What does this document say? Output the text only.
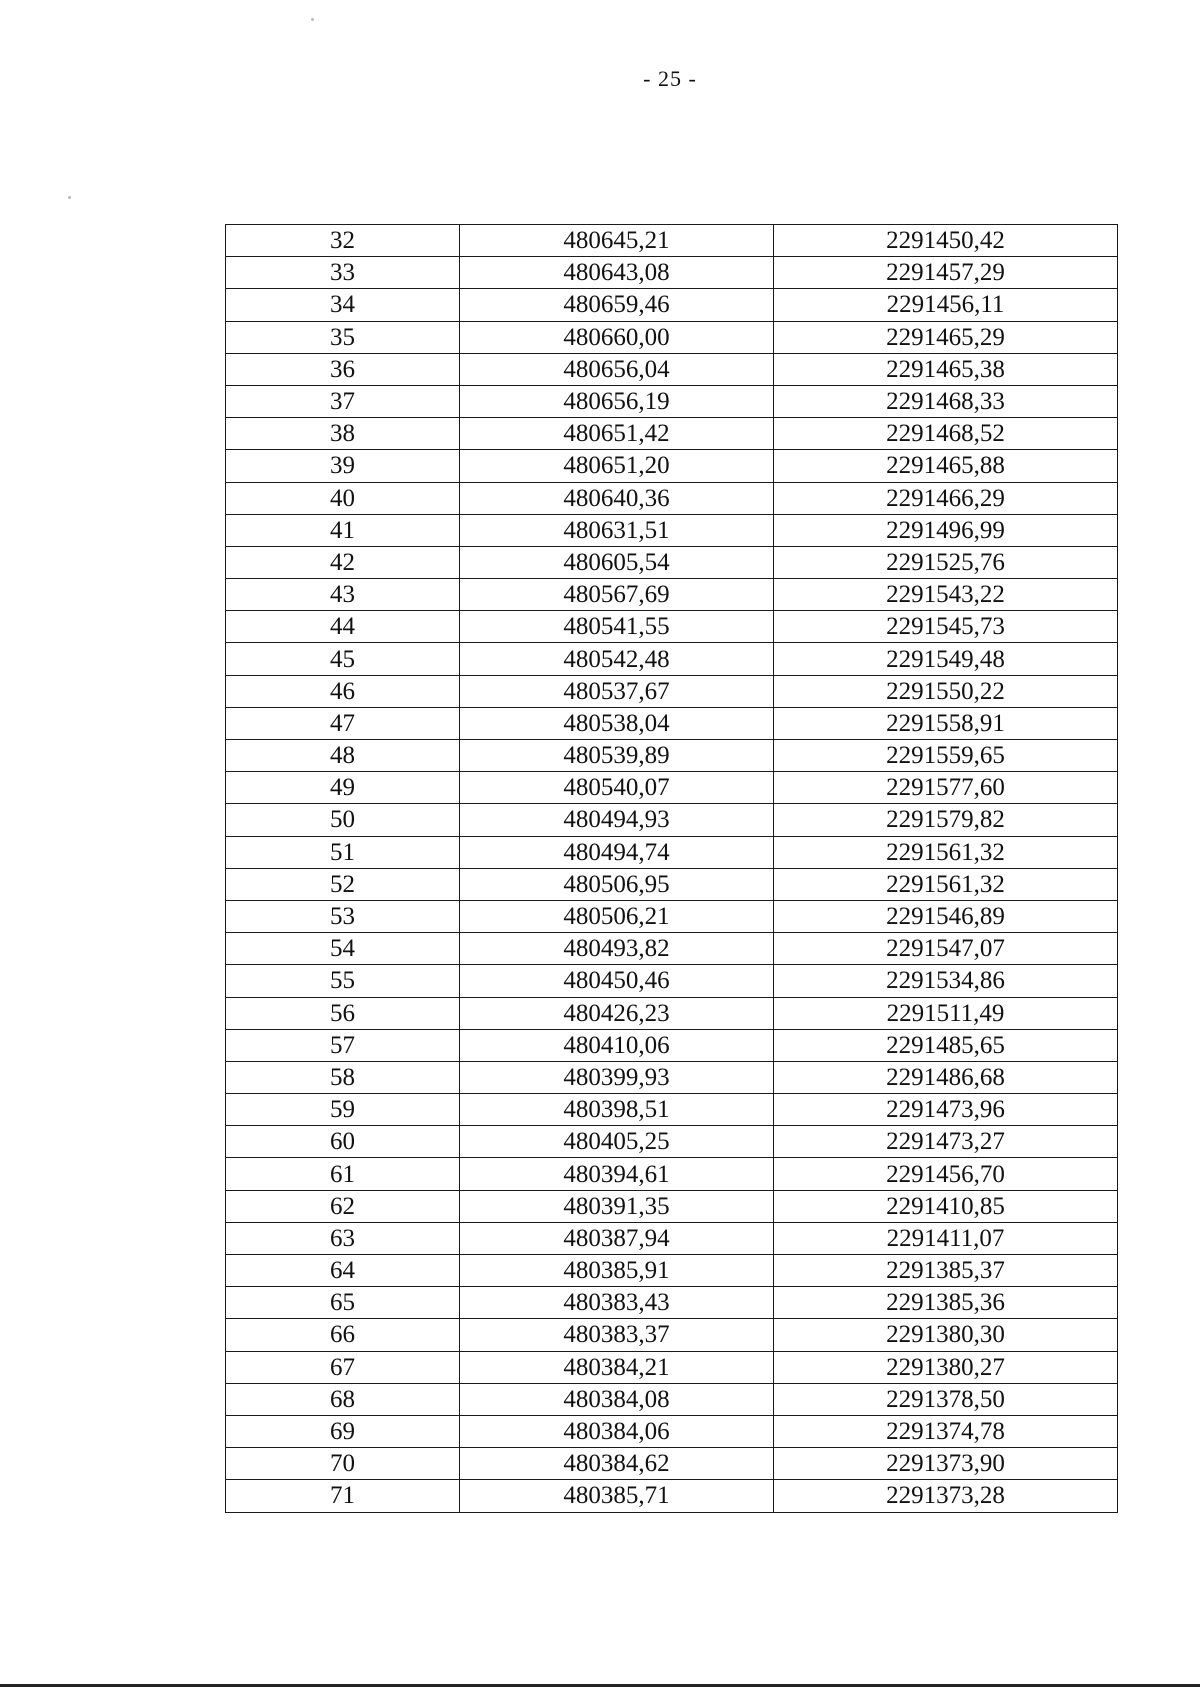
- 25 -
32	480645,21	2291450,42
33	480643,08	2291457,29
34	480659,46	2291456,11
35	480660,00	2291465,29
36	480656,04	2291465,38
37	480656,19	2291468,33
38	480651,42	2291468,52
39	480651,20	2291465,88
40	480640,36	2291466,29
41	480631,51	2291496,99
42	480605,54	2291525,76
43	480567,69	2291543,22
44	480541,55	2291545,73
45	480542,48	2291549,48
46	480537,67	2291550,22
47	480538,04	2291558,91
48	480539,89	2291559,65
49	480540,07	2291577,60
50	480494,93	2291579,82
51	480494,74	2291561,32
52	480506,95	2291561,32
53	480506,21	2291546,89
54	480493,82	2291547,07
55	480450,46	2291534,86
56	480426,23	2291511,49
57	480410,06	2291485,65
58	480399,93	2291486,68
59	480398,51	2291473,96
60	480405,25	2291473,27
61	480394,61	2291456,70
62	480391,35	2291410,85
63	480387,94	2291411,07
64	480385,91	2291385,37
65	480383,43	2291385,36
66	480383,37	2291380,30
67	480384,21	2291380,27
68	480384,08	2291378,50
69	480384,06	2291374,78
70	480384,62	2291373,90
71	480385,71	2291373,28
